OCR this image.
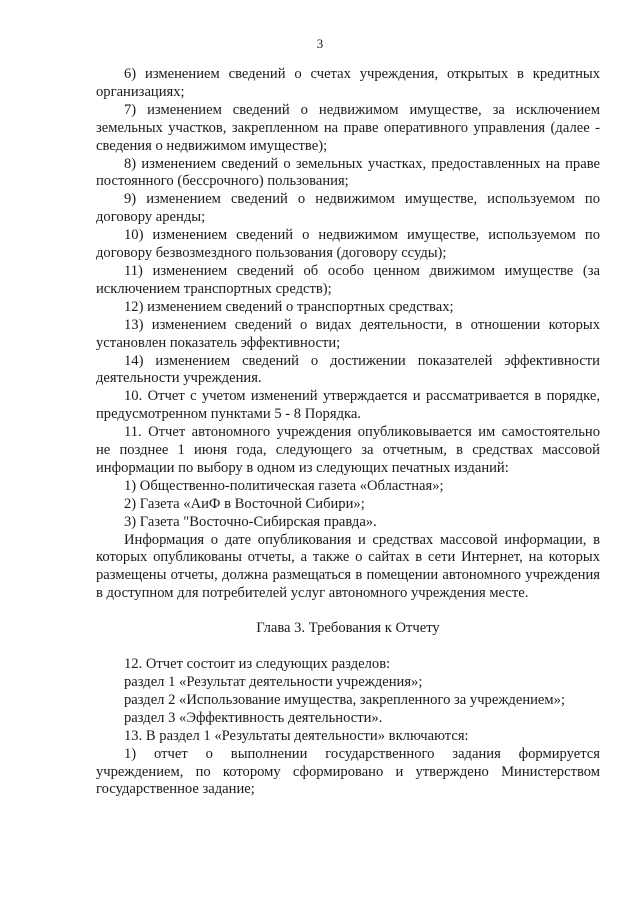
3

6) изменением сведений о счетах учреждения, открытых в кредитных организациях;

7) изменением сведений о недвижимом имуществе, за исключением земельных участков, закрепленном на праве оперативного управления (далее - сведения о недвижимом имуществе);

8) изменением сведений о земельных участках, предоставленных на праве постоянного (бессрочного) пользования;

9) изменением сведений о недвижимом имуществе, используемом по договору аренды;

10) изменением сведений о недвижимом имуществе, используемом по договору безвозмездного пользования (договору ссуды);

11) изменением сведений об особо ценном движимом имуществе (за исключением транспортных средств);

12) изменением сведений о транспортных средствах;

13) изменением сведений о видах деятельности, в отношении которых установлен показатель эффективности;

14) изменением сведений о достижении показателей эффективности деятельности учреждения.

10. Отчет с учетом изменений утверждается и рассматривается в порядке, предусмотренном пунктами 5 - 8 Порядка.

11. Отчет автономного учреждения опубликовывается им самостоятельно не позднее 1 июня года, следующего за отчетным, в средствах массовой информации по выбору в одном из следующих печатных изданий:

1) Общественно-политическая газета «Областная»;

2) Газета «АиФ в Восточной Сибири»;

3) Газета "Восточно-Сибирская правда».

Информация о дате опубликования и средствах массовой информации, в которых опубликованы отчеты, а также о сайтах в сети Интернет, на которых размещены отчеты, должна размещаться в помещении автономного учреждения в доступном для потребителей услуг автономного учреждения месте.

Глава 3. Требования к Отчету

12. Отчет состоит из следующих разделов:

раздел 1 «Результат деятельности учреждения»;

раздел 2 «Использование имущества, закрепленного за учреждением»;

раздел 3 «Эффективность деятельности».

13. В раздел 1 «Результаты деятельности» включаются:

1) отчет о выполнении государственного задания формируется учреждением, по которому сформировано и утверждено Министерством государственное задание;
